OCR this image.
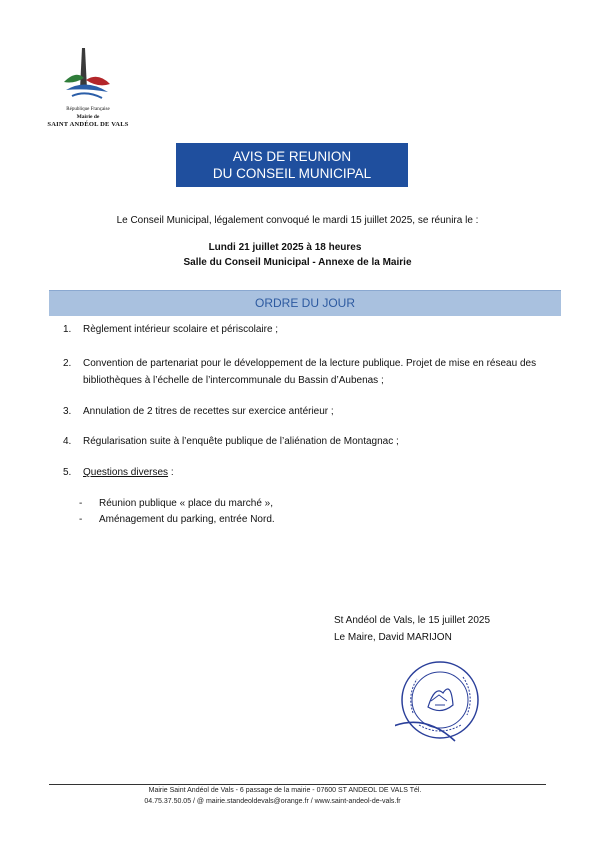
République Française
Mairie de
SAINT ANDÉOL DE VALS
AVIS DE REUNION
DU CONSEIL MUNICIPAL
Le Conseil Municipal, légalement convoqué le mardi 15 juillet 2025, se réunira le :
Lundi 21 juillet 2025 à 18 heures
Salle du Conseil Municipal - Annexe de la Mairie
ORDRE DU JOUR
1. Règlement intérieur scolaire et périscolaire ;
2. Convention de partenariat pour le développement de la lecture publique. Projet de mise en réseau des bibliothèques à l’échelle de l’intercommunale du Bassin d’Aubenas ;
3. Annulation de 2 titres de recettes sur exercice antérieur ;
4. Régularisation suite à l’enquête publique de l’aliénation de Montagnac ;
5. Questions diverses :
- Réunion publique « place du marché »,
- Aménagement du parking, entrée Nord.
St Andéol de Vals, le 15 juillet 2025
Le Maire, David MARIJON
Mairie Saint Andéol de Vals - 6 passage de la mairie - 07600 ST ANDEOL DE VALS Tél.
04.75.37.50.05 / @ mairie.standeoldevals@orange.fr / www.saint-andeol-de-vals.fr
